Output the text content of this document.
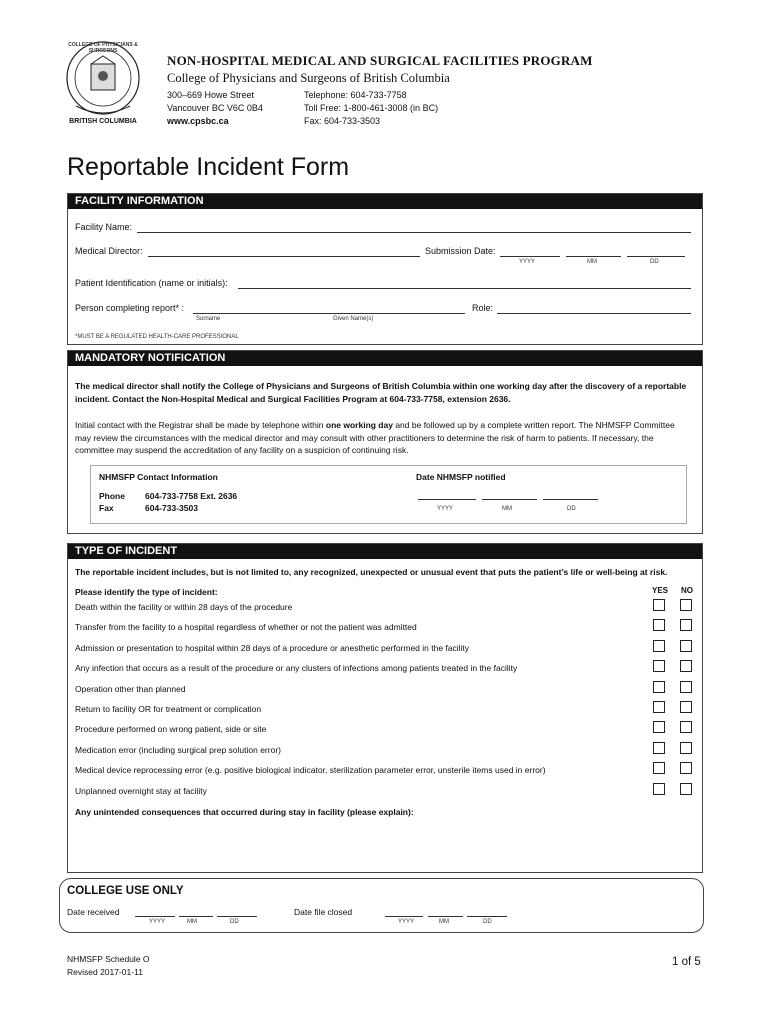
COLLEGE OF PHYSICIANS & SURGEONS
BRITISH COLUMBIA
NON-HOSPITAL MEDICAL AND SURGICAL FACILITIES PROGRAM
College of Physicians and Surgeons of British Columbia
300–669 Howe Street
Vancouver BC V6C 0B4
www.cpsbc.ca
Telephone: 604-733-7758
Toll Free: 1-800-461-3008 (in BC)
Fax: 604-733-3503
Reportable Incident Form
FACILITY INFORMATION
Facility Name:
Medical Director:	Submission Date:
YYYY	MM	DD
Patient Identification (name or initials):
Person completing report* :
Surname	Given Name(s)
Role:
*MUST BE A REGULATED HEALTH-CARE PROFESSIONAL
MANDATORY NOTIFICATION
The medical director shall notify the College of Physicians and Surgeons of British Columbia within one working day after the discovery of a reportable incident. Contact the Non-Hospital Medical and Surgical Facilities Program at 604-733-7758, extension 2636.
Initial contact with the Registrar shall be made by telephone within one working day and be followed up by a complete written report. The NHMSFP Committee may review the circumstances with the medical director and may consult with other practitioners to determine the risk of harm to patients. If necessary, the committee may suspend the accreditation of any facility on a suspicion of continuing risk.
NHMSFP Contact Information	Date NHMSFP notified
Phone 604-733-7758 Ext. 2636
Fax	604-733-3503	YYYY	MM	DD
TYPE OF INCIDENT
The reportable incident includes, but is not limited to, any recognized, unexpected or unusual event that puts the patient’s life or well-being at risk.
Please identify the type of incident:	YES NO
Death within the facility or within 28 days of the procedure
Transfer from the facility to a hospital regardless of whether or not the patient was admitted
Admission or presentation to hospital within 28 days of a procedure or anesthetic performed in the facility
Any infection that occurs as a result of the procedure or any clusters of infections among patients treated in the facility
Operation other than planned
Return to facility OR for treatment or complication
Procedure performed on wrong patient, side or site
Medication error (including surgical prep solution error)
Medical device reprocessing error (e.g. positive biological indicator, sterilization parameter error, unsterile items used in error)
Unplanned overnight stay at facility
Any unintended consequences that occurred during stay in facility (please explain):
COLLEGE USE ONLY
Date received
YYYY	MM	DD
Date file closed
YYYY	MM	DD
NHMSFP Schedule O
Revised 2017-01-11
1 of 5
